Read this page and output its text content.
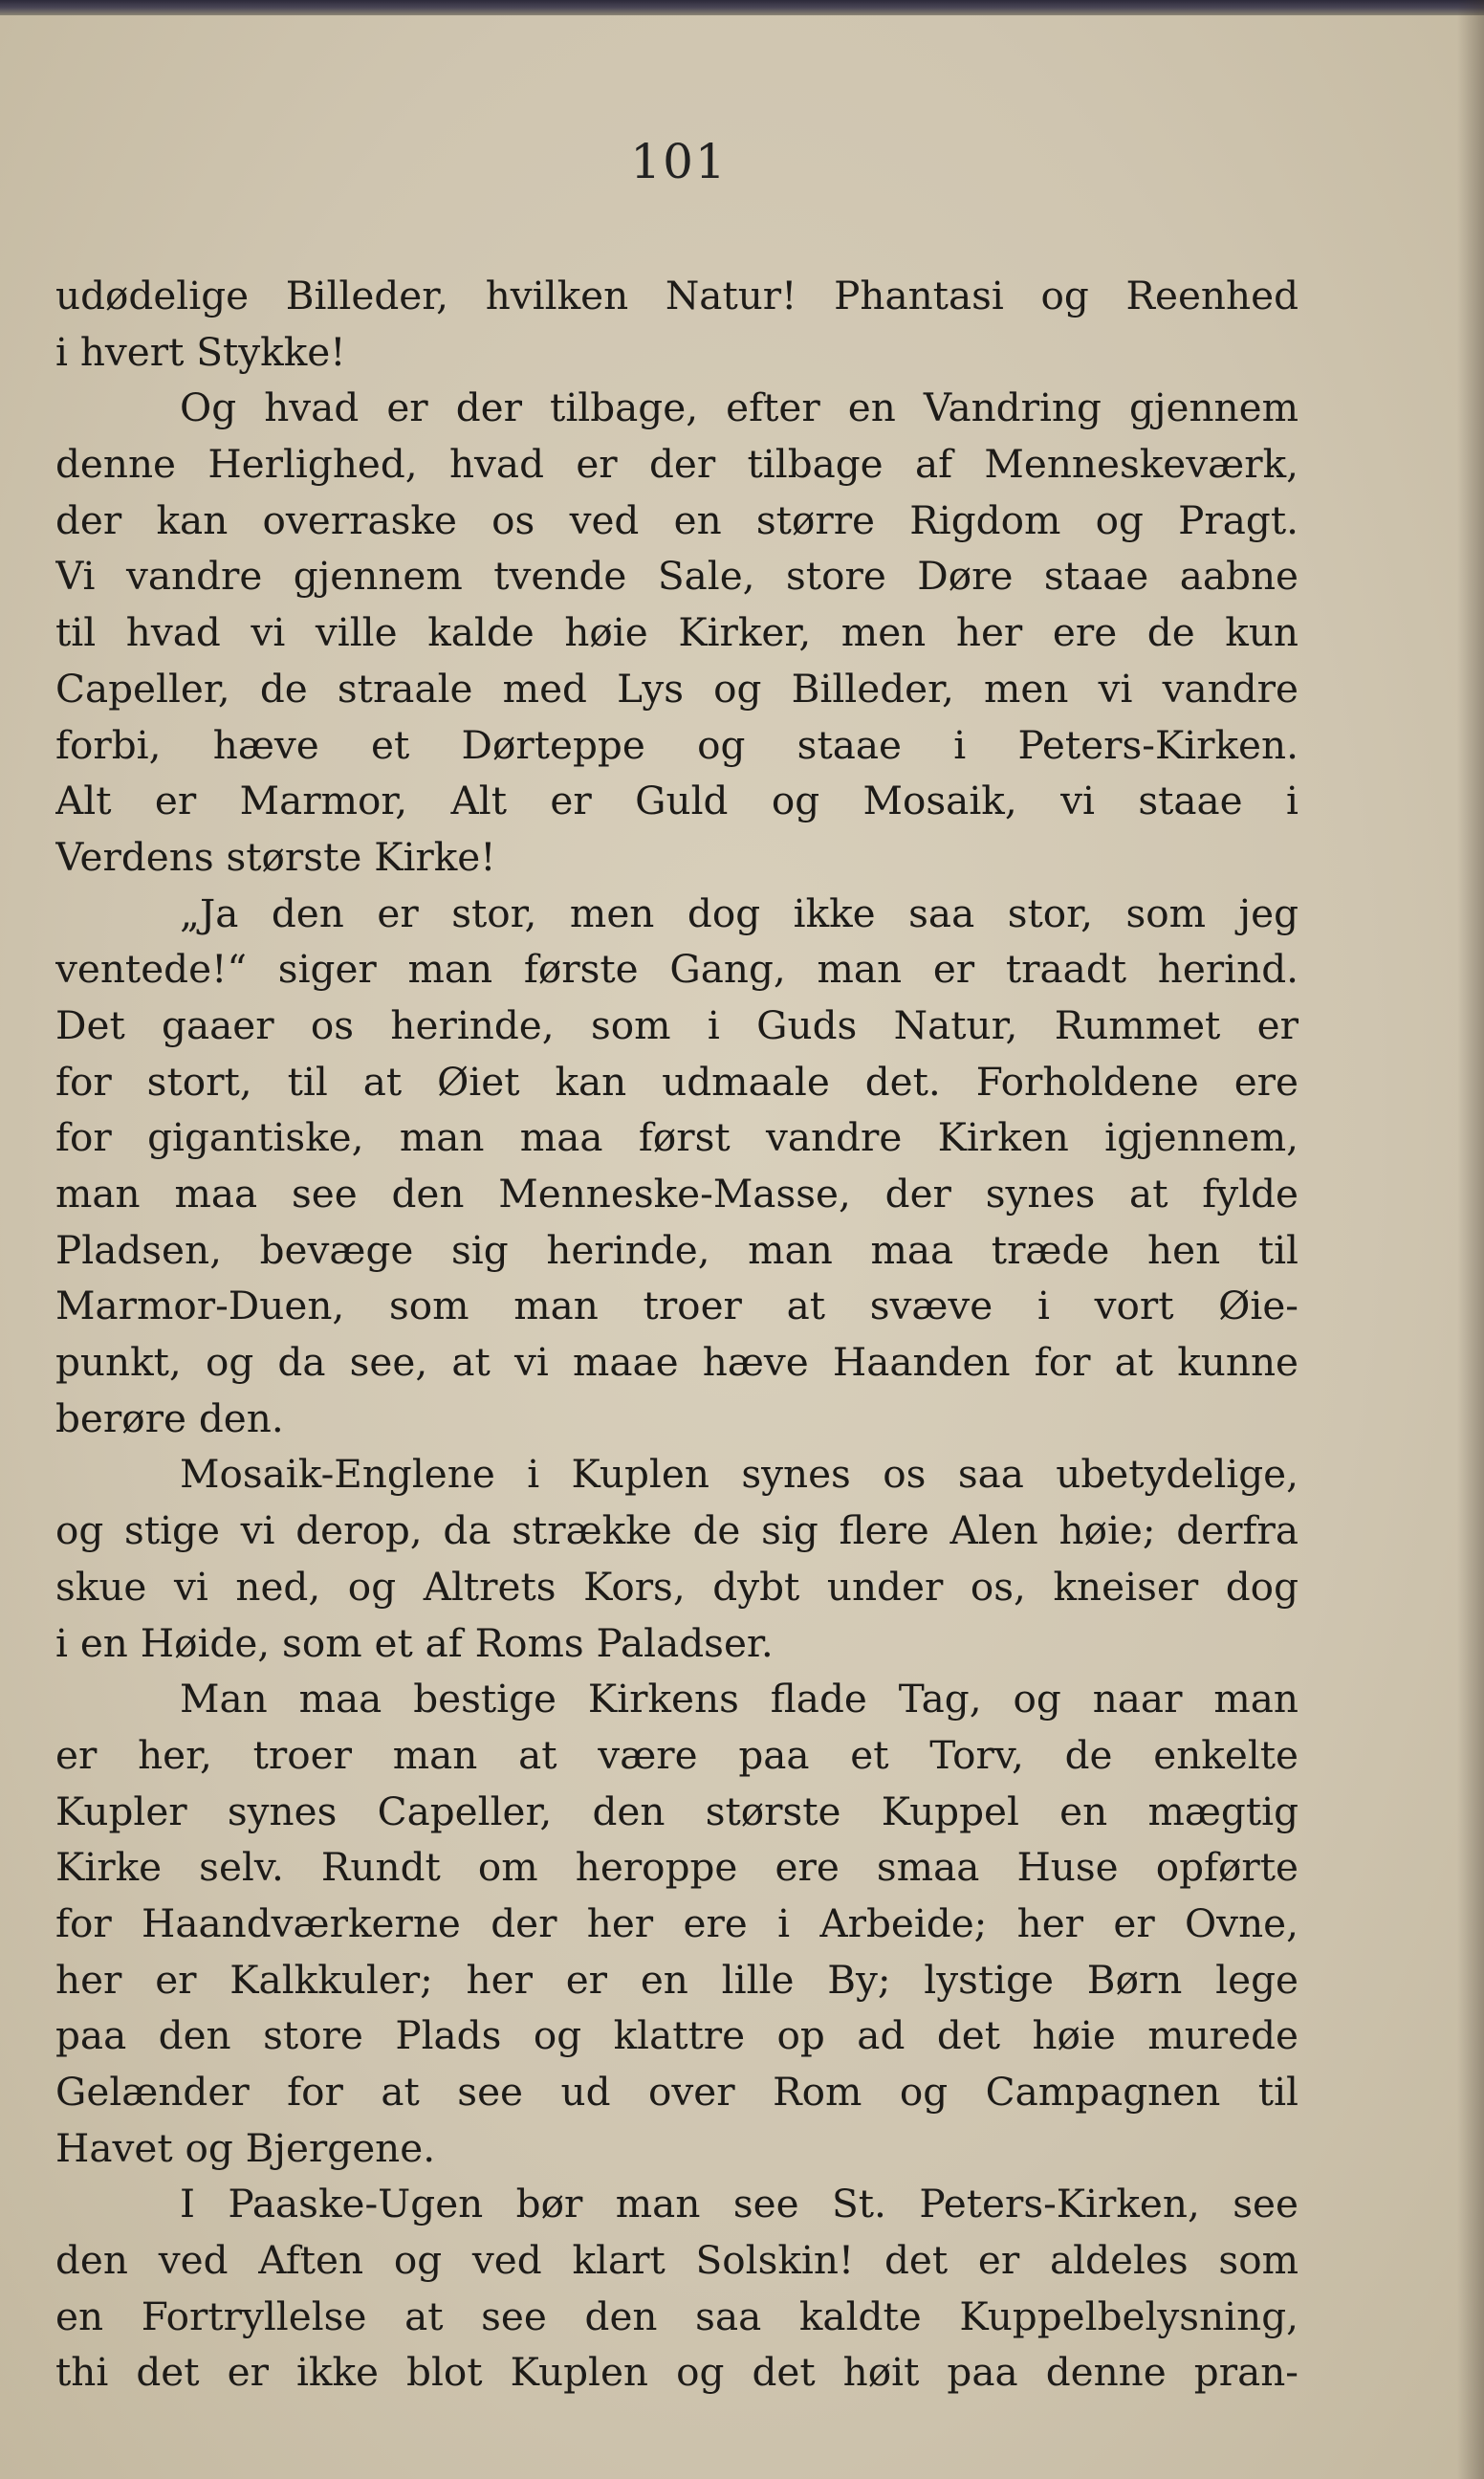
101
udødelige Billeder, hvilken Natur! Phantasi og Reenhed
i hvert Stykke!
Og hvad er der tilbage, efter en Vandring gjennem
denne Herlighed, hvad er der tilbage af Menneskeværk,
der kan overraske os ved en større Rigdom og Pragt.
Vi vandre gjennem tvende Sale, store Døre staae aabne
til hvad vi ville kalde høie Kirker, men her ere de kun
Capeller, de straale med Lys og Billeder, men vi vandre
forbi, hæve et Dørteppe og staae i Peters-Kirken.
Alt er Marmor, Alt er Guld og Mosaik, vi staae i
Verdens største Kirke!
„Ja den er stor, men dog ikke saa stor, som jeg
ventede!“ siger man første Gang, man er traadt herind.
Det gaaer os herinde, som i Guds Natur, Rummet er
for stort, til at Øiet kan udmaale det. Forholdene ere
for gigantiske, man maa først vandre Kirken igjennem,
man maa see den Menneske-Masse, der synes at fylde
Pladsen, bevæge sig herinde, man maa træde hen til
Marmor-Duen, som man troer at svæve i vort Øie-
punkt, og da see, at vi maae hæve Haanden for at kunne
berøre den.
Mosaik-Englene i Kuplen synes os saa ubetydelige,
og stige vi derop, da strække de sig flere Alen høie; derfra
skue vi ned, og Altrets Kors, dybt under os, kneiser dog
i en Høide, som et af Roms Paladser.
Man maa bestige Kirkens flade Tag, og naar man
er her, troer man at være paa et Torv, de enkelte
Kupler synes Capeller, den største Kuppel en mægtig
Kirke selv. Rundt om heroppe ere smaa Huse opførte
for Haandværkerne der her ere i Arbeide; her er Ovne,
her er Kalkkuler; her er en lille By; lystige Børn lege
paa den store Plads og klattre op ad det høie murede
Gelænder for at see ud over Rom og Campagnen til
Havet og Bjergene.
I Paaske-Ugen bør man see St. Peters-Kirken, see
den ved Aften og ved klart Solskin! det er aldeles som
en Fortryllelse at see den saa kaldte Kuppelbelysning,
thi det er ikke blot Kuplen og det høit paa denne pran-
